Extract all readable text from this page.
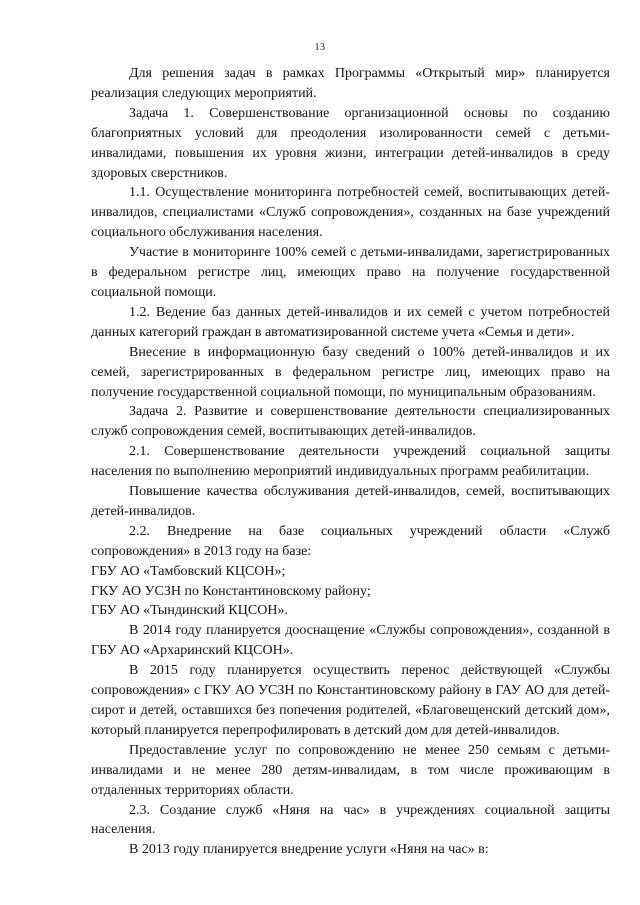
13

Для решения задач в рамках Программы «Открытый мир» планируется реализация следующих мероприятий.

Задача 1. Совершенствование организационной основы по созданию благоприятных условий для преодоления изолированности семей с детьми-инвалидами, повышения их уровня жизни, интеграции детей-инвалидов в среду здоровых сверстников.

1.1. Осуществление мониторинга потребностей семей, воспитывающих детей-инвалидов, специалистами «Служб сопровождения», созданных на базе учреждений социального обслуживания населения.

Участие в мониторинге 100% семей с детьми-инвалидами, зарегистрированных в федеральном регистре лиц, имеющих право на получение государственной социальной помощи.

1.2. Ведение баз данных детей-инвалидов и их семей с учетом потребностей данных категорий граждан в автоматизированной системе учета «Семья и дети».

Внесение в информационную базу сведений о 100% детей-инвалидов и их семей, зарегистрированных в федеральном регистре лиц, имеющих право на получение государственной социальной помощи, по муниципальным образованиям.

Задача 2. Развитие и совершенствование деятельности специализированных служб сопровождения семей, воспитывающих детей-инвалидов.

2.1. Совершенствование деятельности учреждений социальной защиты населения по выполнению мероприятий индивидуальных программ реабилитации.

Повышение качества обслуживания детей-инвалидов, семей, воспитывающих детей-инвалидов.

2.2. Внедрение на базе социальных учреждений области «Служб сопровождения» в 2013 году на базе:

ГБУ АО «Тамбовский КЦСОН»;

ГКУ АО УСЗН по Константиновскому району;

ГБУ АО «Тындинский КЦСОН».

В 2014 году планируется дооснащение «Службы сопровождения», созданной в ГБУ АО «Архаринский КЦСОН».

В 2015 году планируется осуществить перенос действующей «Службы сопровождения» с ГКУ АО УСЗН по Константиновскому району в ГАУ АО для детей-сирот и детей, оставшихся без попечения родителей, «Благовещенский детский дом», который планируется перепрофилировать в детский дом для детей-инвалидов.

Предоставление услуг по сопровождению не менее 250 семьям с детьми-инвалидами и не менее 280 детям-инвалидам, в том числе проживающим в отдаленных территориях области.

2.3. Создание служб «Няня на час» в учреждениях социальной защиты населения.

В 2013 году планируется внедрение услуги «Няня на час» в:
